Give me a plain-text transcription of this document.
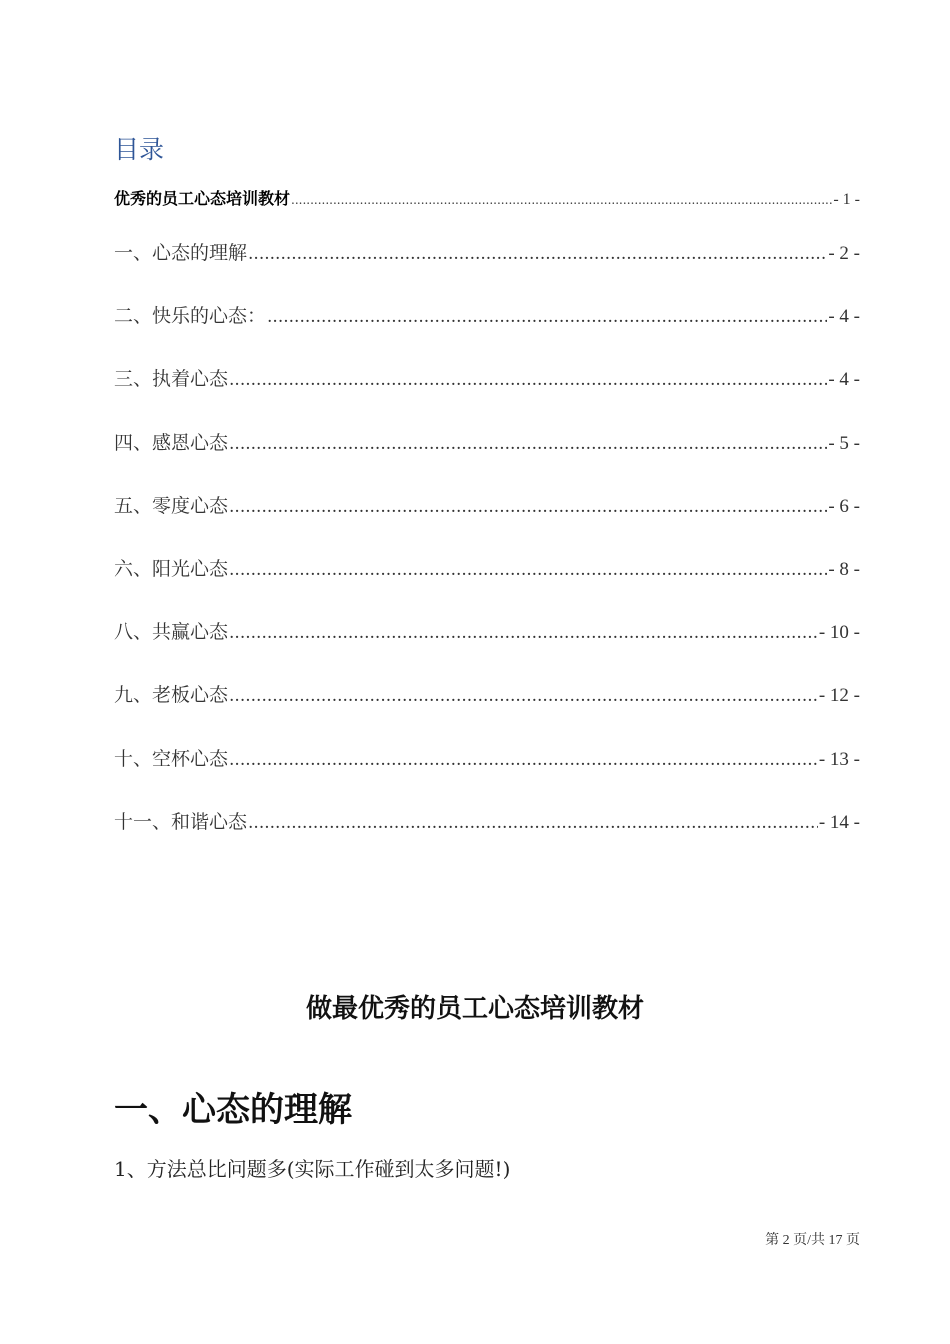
目录
优秀的员工心态培训教材 .....	- 1 -
一、心态的理解 .....	- 2 -
二、快乐的心态： .....	- 4 -
三、执着心态 .....	- 4 -
四、感恩心态 .....	- 5 -
五、零度心态 .....	- 6 -
六、阳光心态 .....	- 8 -
八、共赢心态 .....	- 10 -
九、老板心态 .....	- 12 -
十、空杯心态 .....	- 13 -
十一、和谐心态 .....	- 14 -
做最优秀的员工心态培训教材
一、心态的理解
1、方法总比问题多(实际工作碰到太多问题!)
第 2 页/共 17 页
